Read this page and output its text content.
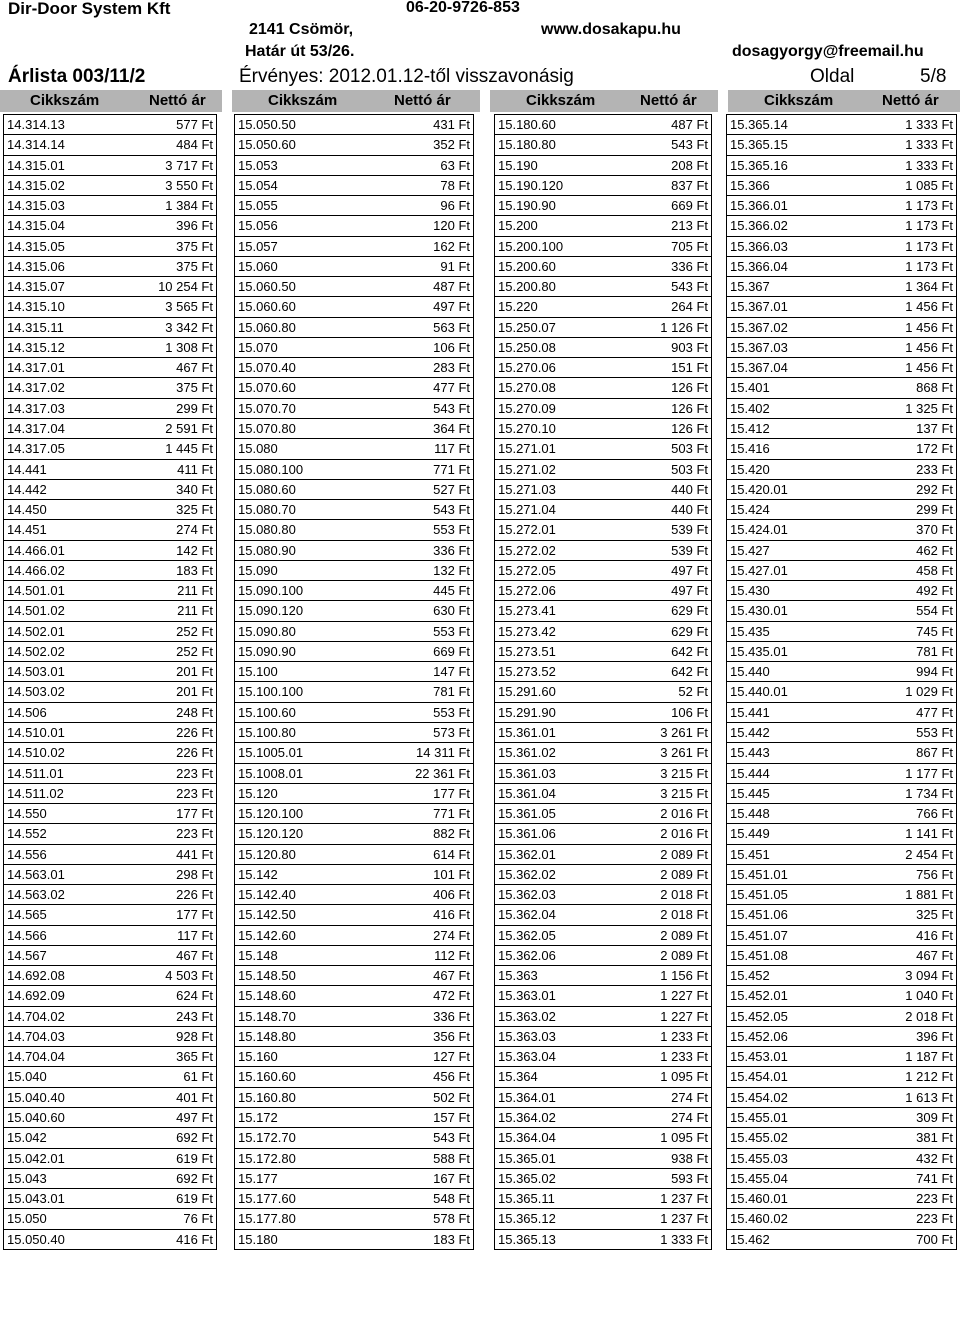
Dir-Door System Kft
2141 Csömör,
Határ út 53/26.
06-20-9726-853
www.dosakapu.hu
dosagyorgy@freemail.hu
Árlista 003/11/2	Érvényes: 2012.01.12-től visszavonásig	Oldal	5/8
Cikkszám	Nettó ár	Cikkszám	Nettó ár	Cikkszám	Nettó ár	Cikkszám	Nettó ár
14.314.13	577 Ft
14.314.14	484 Ft
14.315.01	3 717 Ft
14.315.02	3 550 Ft
14.315.03	1 384 Ft
14.315.04	396 Ft
14.315.05	375 Ft
14.315.06	375 Ft
14.315.07	10 254 Ft
14.315.10	3 565 Ft
14.315.11	3 342 Ft
14.315.12	1 308 Ft
14.317.01	467 Ft
14.317.02	375 Ft
14.317.03	299 Ft
14.317.04	2 591 Ft
14.317.05	1 445 Ft
14.441	411 Ft
14.442	340 Ft
14.450	325 Ft
14.451	274 Ft
14.466.01	142 Ft
14.466.02	183 Ft
14.501.01	211 Ft
14.501.02	211 Ft
14.502.01	252 Ft
14.502.02	252 Ft
14.503.01	201 Ft
14.503.02	201 Ft
14.506	248 Ft
14.510.01	226 Ft
14.510.02	226 Ft
14.511.01	223 Ft
14.511.02	223 Ft
14.550	177 Ft
14.552	223 Ft
14.556	441 Ft
14.563.01	298 Ft
14.563.02	226 Ft
14.565	177 Ft
14.566	117 Ft
14.567	467 Ft
14.692.08	4 503 Ft
14.692.09	624 Ft
14.704.02	243 Ft
14.704.03	928 Ft
14.704.04	365 Ft
15.040	61 Ft
15.040.40	401 Ft
15.040.60	497 Ft
15.042	692 Ft
15.042.01	619 Ft
15.043	692 Ft
15.043.01	619 Ft
15.050	76 Ft
15.050.40	416 Ft
15.050.50	431 Ft
15.050.60	352 Ft
15.053	63 Ft
15.054	78 Ft
15.055	96 Ft
15.056	120 Ft
15.057	162 Ft
15.060	91 Ft
15.060.50	487 Ft
15.060.60	497 Ft
15.060.80	563 Ft
15.070	106 Ft
15.070.40	283 Ft
15.070.60	477 Ft
15.070.70	543 Ft
15.070.80	364 Ft
15.080	117 Ft
15.080.100	771 Ft
15.080.60	527 Ft
15.080.70	543 Ft
15.080.80	553 Ft
15.080.90	336 Ft
15.090	132 Ft
15.090.100	445 Ft
15.090.120	630 Ft
15.090.80	553 Ft
15.090.90	669 Ft
15.100	147 Ft
15.100.100	781 Ft
15.100.60	553 Ft
15.100.80	573 Ft
15.1005.01	14 311 Ft
15.1008.01	22 361 Ft
15.120	177 Ft
15.120.100	771 Ft
15.120.120	882 Ft
15.120.80	614 Ft
15.142	101 Ft
15.142.40	406 Ft
15.142.50	416 Ft
15.142.60	274 Ft
15.148	112 Ft
15.148.50	467 Ft
15.148.60	472 Ft
15.148.70	336 Ft
15.148.80	356 Ft
15.160	127 Ft
15.160.60	456 Ft
15.160.80	502 Ft
15.172	157 Ft
15.172.70	543 Ft
15.172.80	588 Ft
15.177	167 Ft
15.177.60	548 Ft
15.177.80	578 Ft
15.180	183 Ft
15.180.60	487 Ft
15.180.80	543 Ft
15.190	208 Ft
15.190.120	837 Ft
15.190.90	669 Ft
15.200	213 Ft
15.200.100	705 Ft
15.200.60	336 Ft
15.200.80	543 Ft
15.220	264 Ft
15.250.07	1 126 Ft
15.250.08	903 Ft
15.270.06	151 Ft
15.270.08	126 Ft
15.270.09	126 Ft
15.270.10	126 Ft
15.271.01	503 Ft
15.271.02	503 Ft
15.271.03	440 Ft
15.271.04	440 Ft
15.272.01	539 Ft
15.272.02	539 Ft
15.272.05	497 Ft
15.272.06	497 Ft
15.273.41	629 Ft
15.273.42	629 Ft
15.273.51	642 Ft
15.273.52	642 Ft
15.291.60	52 Ft
15.291.90	106 Ft
15.361.01	3 261 Ft
15.361.02	3 261 Ft
15.361.03	3 215 Ft
15.361.04	3 215 Ft
15.361.05	2 016 Ft
15.361.06	2 016 Ft
15.362.01	2 089 Ft
15.362.02	2 089 Ft
15.362.03	2 018 Ft
15.362.04	2 018 Ft
15.362.05	2 089 Ft
15.362.06	2 089 Ft
15.363	1 156 Ft
15.363.01	1 227 Ft
15.363.02	1 227 Ft
15.363.03	1 233 Ft
15.363.04	1 233 Ft
15.364	1 095 Ft
15.364.01	274 Ft
15.364.02	274 Ft
15.364.04	1 095 Ft
15.365.01	938 Ft
15.365.02	593 Ft
15.365.11	1 237 Ft
15.365.12	1 237 Ft
15.365.13	1 333 Ft
15.365.14	1 333 Ft
15.365.15	1 333 Ft
15.365.16	1 333 Ft
15.366	1 085 Ft
15.366.01	1 173 Ft
15.366.02	1 173 Ft
15.366.03	1 173 Ft
15.366.04	1 173 Ft
15.367	1 364 Ft
15.367.01	1 456 Ft
15.367.02	1 456 Ft
15.367.03	1 456 Ft
15.367.04	1 456 Ft
15.401	868 Ft
15.402	1 325 Ft
15.412	137 Ft
15.416	172 Ft
15.420	233 Ft
15.420.01	292 Ft
15.424	299 Ft
15.424.01	370 Ft
15.427	462 Ft
15.427.01	458 Ft
15.430	492 Ft
15.430.01	554 Ft
15.435	745 Ft
15.435.01	781 Ft
15.440	994 Ft
15.440.01	1 029 Ft
15.441	477 Ft
15.442	553 Ft
15.443	867 Ft
15.444	1 177 Ft
15.445	1 734 Ft
15.448	766 Ft
15.449	1 141 Ft
15.451	2 454 Ft
15.451.01	756 Ft
15.451.05	1 881 Ft
15.451.06	325 Ft
15.451.07	416 Ft
15.451.08	467 Ft
15.452	3 094 Ft
15.452.01	1 040 Ft
15.452.05	2 018 Ft
15.452.06	396 Ft
15.453.01	1 187 Ft
15.454.01	1 212 Ft
15.454.02	1 613 Ft
15.455.01	309 Ft
15.455.02	381 Ft
15.455.03	432 Ft
15.455.04	741 Ft
15.460.01	223 Ft
15.460.02	223 Ft
15.462	700 Ft
